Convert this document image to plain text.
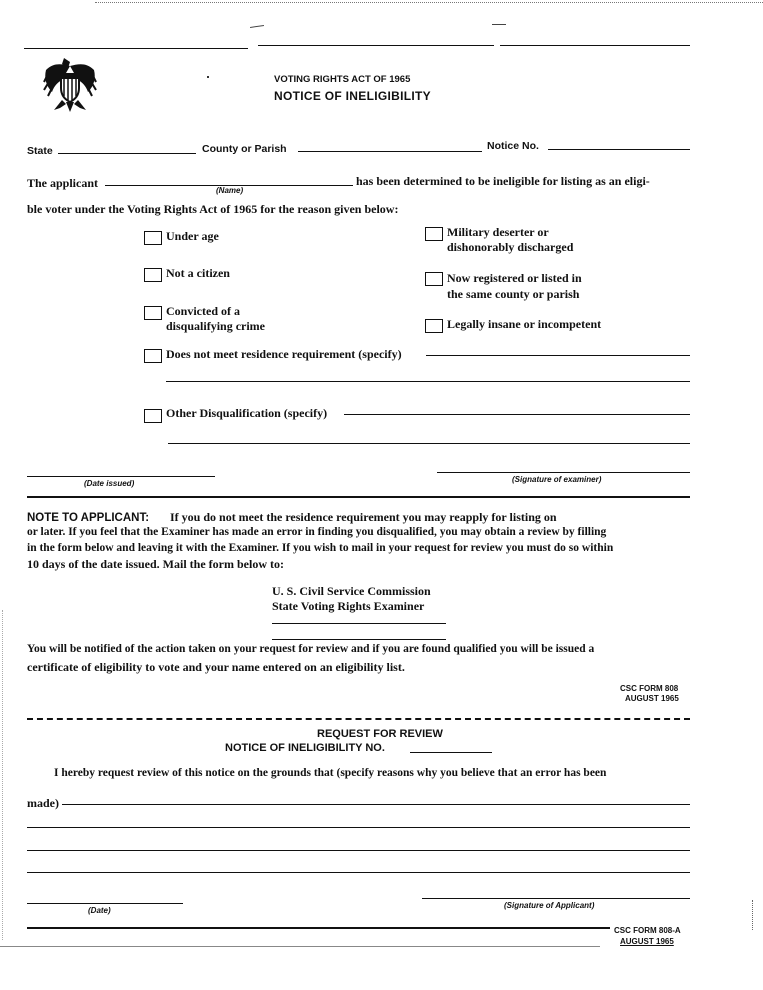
VOTING RIGHTS ACT OF 1965
NOTICE OF INELIGIBILITY
State	County or Parish	Notice No.
The applicant
(Name)
has been determined to be ineligible for listing as an eligi-
ble voter under the Voting Rights Act of 1965 for the reason given below:
Under age
Not a citizen
Convicted of a
disqualifying crime
Military deserter or
dishonorably discharged
Now registered or listed in
the same county or parish
Legally insane or incompetent
Does not meet residence requirement (specify)
Other Disqualification (specify)
(Date issued)	(Signature of examiner)
NOTE TO APPLICANT: If you do not meet the residence requirement you may reapply for listing on
or later. If you feel that the Examiner has made an error in finding you disqualified, you may obtain a review by filling
in the form below and leaving it with the Examiner. If you wish to mail in your request for review you must do so within
10 days of the date issued. Mail the form below to:
U. S. Civil Service Commission
State Voting Rights Examiner
You will be notified of the action taken on your request for review and if you are found qualified you will be issued a
certificate of eligibility to vote and your name entered on an eligibility list.
CSC FORM 808
AUGUST 1965
REQUEST FOR REVIEW
NOTICE OF INELIGIBILITY NO.
I hereby request review of this notice on the grounds that (specify reasons why you believe that an error has been
made)
(Date)
(Signature of Applicant)
CSC FORM 808-A
AUGUST 1965
